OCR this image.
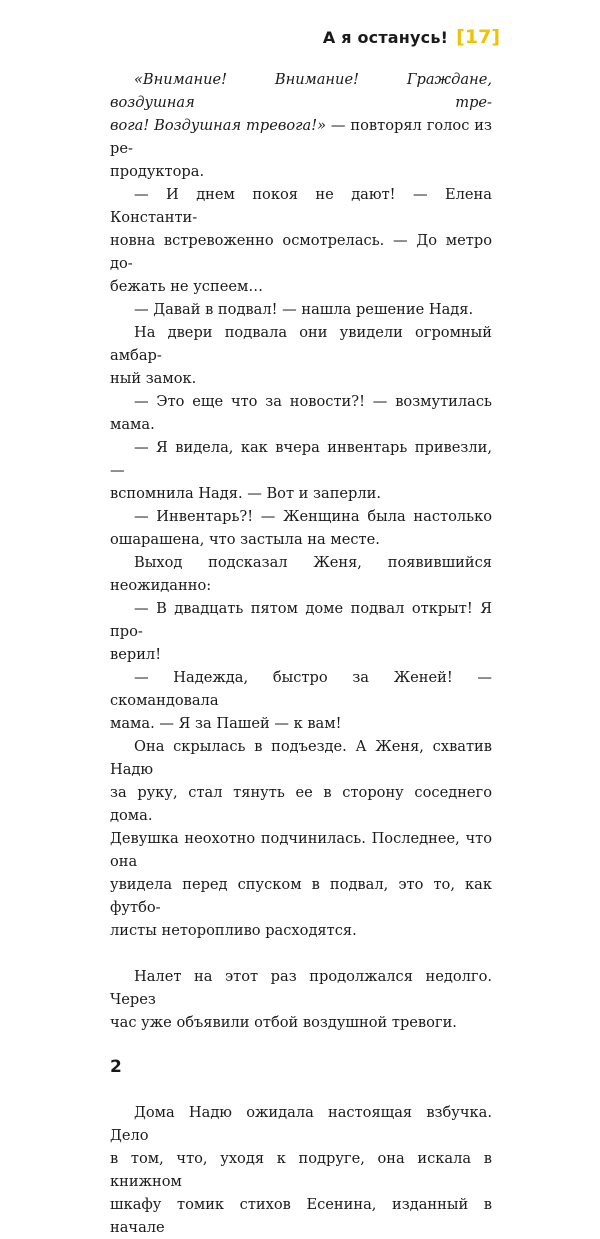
А я останусь! [ 17 ]

«Внимание! Внимание! Граждане, воздушная тре-

вога! Воздушная тревога!» — повторял голос из ре-

продуктора.

— И днем покоя не дают! — Елена Константи-

новна встревоженно осмотрелась. — До метро до-
бежать не успеем…

— Давай в подвал! — нашла решение Надя.

На двери подвала они увидели огромный амбар-

ный замок.

— Это еще что за новости?! — возмутилась

мама.

— Я видела, как вчера инвентарь привезли, —

вспомнила Надя. — Вот и заперли.

— Инвентарь?! — Женщина была настолько

ошарашена, что застыла на месте.

Выход подсказал Женя, появившийся неожиданно:

— В двадцать пятом доме подвал открыт! Я про-

верил!

— Надежда, быстро за Женей! — скомандовала

мама. — Я за Пашей — к вам!

Она скрылась в подъезде. А Женя, схватив Надю

за руку, стал тянуть ее в сторону соседнего дома.
Девушка неохотно подчинилась. Последнее, что она
увидела перед спуском в подвал, это то, как футбо-
листы неторопливо расходятся.

Налет на этот раз продолжался недолго. Через

час уже объявили отбой воздушной тревоги.

2

Дома Надю ожидала настоящая взбучка. Дело

в том, что, уходя к подруге, она искала в книжном
шкафу томик стихов Есенина, изданный в начале
